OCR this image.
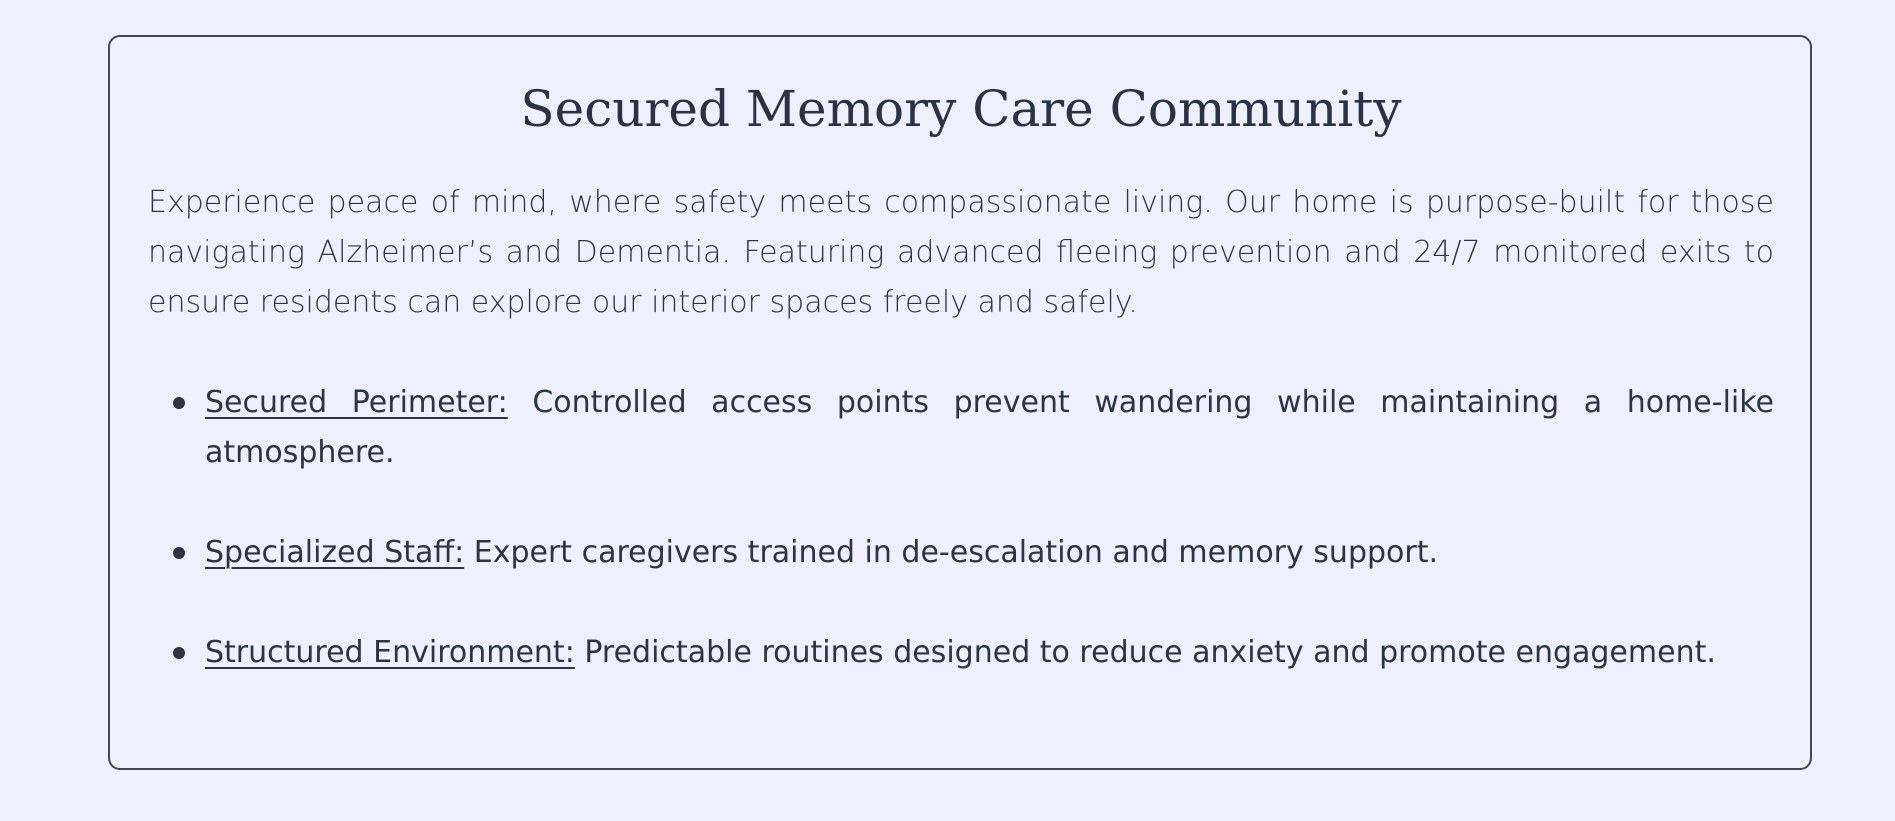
Secured Memory Care Community

Experience peace of mind, where safety meets compassionate living. Our home is purpose-built for those navigating Alzheimer’s and Dementia. Featuring advanced fleeing prevention and 24/7 monitored exits to ensure residents can explore our interior spaces freely and safely.

Secured Perimeter: Controlled access points prevent wandering while maintaining a home-like atmosphere.
Specialized Staff: Expert caregivers trained in de-escalation and memory support.
Structured Environment: Predictable routines designed to reduce anxiety and promote engagement.
